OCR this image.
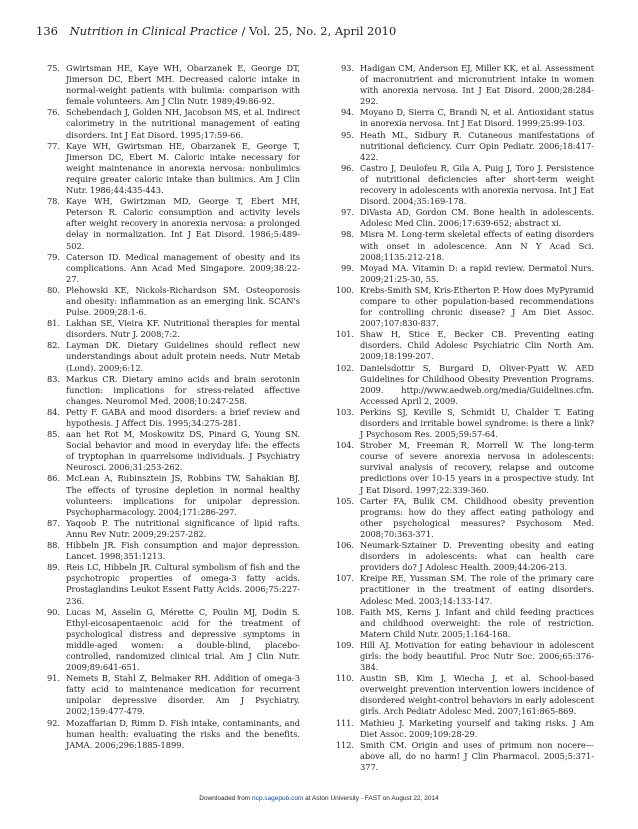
136 Nutrition in Clinical Practice / Vol. 25, No. 2, April 2010

75. Gwirtsman HE, Kaye WH, Obarzanek E, George DT, Jimerson DC, Ebert MH. Decreased caloric intake in normal-weight patients with bulimia: comparison with female volunteers. Am J Clin Nutr. 1989;49:86-92.

76. Schebendach J, Golden NH, Jacobson MS, et al. Indirect calorimetry in the nutritional management of eating disorders. Int J Eat Disord. 1995;17:59-66.

77. Kaye WH, Gwirtsman HE, Obarzanek E, George T, Jimerson DC, Ebert M. Caloric intake necessary for weight maintenance in anorexia nervosa: nonbulimics require greater caloric intake than bulimics. Am J Clin Nutr. 1986;44:435-443.

78. Kaye WH, Gwirtzman MD, George T, Ebert MH, Peterson R. Caloric consumption and activity levels after weight recovery in anorexia nervosa: a prolonged delay in normalization. Int J Eat Disord. 1986;5:489-502.

79. Caterson ID. Medical management of obesity and its complications. Ann Acad Med Singapore. 2009;38:22-27.

80. Plehowski KE, Nickols-Richardson SM. Osteoporosis and obesity: inflammation as an emerging link. SCAN's Pulse. 2009;28:1-6.

81. Lakhan SE, Vieira KF. Nutritional therapies for mental disorders. Nutr J. 2008;7:2.

82. Layman DK. Dietary Guidelines should reflect new understandings about adult protein needs. Nutr Metab (Lond). 2009;6:12.

83. Markus CR. Dietary amino acids and brain serotonin function: implications for stress-related affective changes. Neuromol Med. 2008;10:247-258.

84. Petty F. GABA and mood disorders: a brief review and hypothesis. J Affect Dis. 1995;34:275-281.

85. aan het Rot M, Moskowitz DS, Pinard G, Young SN. Social behavior and mood in everyday life: the effects of tryptophan in quarrelsome individuals. J Psychiatry Neurosci. 2006;31:253-262.

86. McLean A, Rubinsztein JS, Robbins TW, Sahakian BJ. The effects of tyrosine depletion in normal healthy volunteers: implications for unipolar depression. Psychopharmacology. 2004;171:286-297.

87. Yaqoob P. The nutritional significance of lipid rafts. Annu Rev Nutr. 2009;29:257-282.

88. Hibbeln JR. Fish consumption and major depression. Lancet. 1998;351:1213.

89. Reis LC, Hibbeln JR. Cultural symbolism of fish and the psychotropic properties of omega-3 fatty acids. Prostaglandins Leukot Essent Fatty Acids. 2006;75:227-236.

90. Lucas M, Asselin G, Mérette C, Poulin MJ, Dodin S. Ethyl-eicosapentaenoic acid for the treatment of psychological distress and depressive symptoms in middle-aged women: a double-blind, placebo-controlled, randomized clinical trial. Am J Clin Nutr. 2009;89:641-651.

91. Nemets B, Stahl Z, Belmaker RH. Addition of omega-3 fatty acid to maintenance medication for recurrent unipolar depressive disorder. Am J Psychiatry. 2002;159:477-479.

92. Mozaffarian D, Rimm D. Fish intake, contaminants, and human health: evaluating the risks and the benefits. JAMA. 2006;296:1885-1899.

93. Hadigan CM, Anderson EJ, Miller KK, et al. Assessment of macronutrient and micronutrient intake in women with anorexia nervosa. Int J Eat Disord. 2000;28:284-292.

94. Moyano D, Sierra C, Brandi N, et al. Antioxidant status in anorexia nervosa. Int J Eat Disord. 1999;25:99-103.

95. Heath ML, Sidbury R. Cutaneous manifestations of nutritional deficiency. Curr Opin Pediatr. 2006;18:417-422.

96. Castro J, Deulofeu R, Gila A, Puig J, Toro J. Persistence of nutritional deficiencies after short-term weight recovery in adolescents with anorexia nervosa. Int J Eat Disord. 2004;35:169-178.

97. DiVasta AD, Gordon CM. Bone health in adolescents. Adolesc Med Clin. 2006;17:639-652; abstract xi.

98. Misra M. Long-term skeletal effects of eating disorders with onset in adolescence. Ann N Y Acad Sci. 2008;1135:212-218.

99. Moyad MA. Vitamin D: a rapid review. Dermatol Nurs. 2009;21:25-30, 55.

100. Krebs-Smith SM, Kris-Etherton P. How does MyPyramid compare to other population-based recommendations for controlling chronic disease? J Am Diet Assoc. 2007;107:830-837.

101. Shaw H, Stice E, Becker CB. Preventing eating disorders. Child Adolesc Psychiatric Clin North Am. 2009;18:199-207.

102. Danielsdottir S, Burgard D, Oliver-Pyatt W. AED Guidelines for Childhood Obesity Prevention Programs. 2009. http://www.aedweb.org/media/Guidelines.cfm. Accessed April 2, 2009.

103. Perkins SJ, Keville S, Schmidt U, Chalder T. Eating disorders and irritable bowel syndrome: is there a link? J Psychosom Res. 2005;59:57-64.

104. Strober M, Freeman R, Morrell W. The long-term course of severe anorexia nervosa in adolescents: survival analysis of recovery, relapse and outcome predictions over 10-15 years in a prospective study. Int J Eat Disord. 1997;22:339-360.

105. Carter FA, Bulik CM. Childhood obesity prevention programs: how do they affect eating pathology and other psychological measures? Psychosom Med. 2008;70:363-371.

106. Neumark-Sztainer D. Preventing obesity and eating disorders in adolescents: what can health care providers do? J Adolesc Health. 2009;44:206-213.

107. Kreipe RE, Yussman SM. The role of the primary care practitioner in the treatment of eating disorders. Adolesc Med. 2003;14:133-147.

108. Faith MS, Kerns J. Infant and child feeding practices and childhood overweight: the role of restriction. Matern Child Nutr. 2005;1:164-168.

109. Hill AJ. Motivation for eating behaviour in adolescent girls: the body beautiful. Proc Nutr Soc. 2006;65:376-384.

110. Austin SB, Kim J, Wiecha J, et al. School-based overweight prevention intervention lowers incidence of disordered weight-control behaviors in early adolescent girls. Arch Pediatr Adolesc Med. 2007;161:865-869.

111. Mathieu J. Marketing yourself and taking risks. J Am Diet Assoc. 2009;109:28-29.

112. Smith CM. Origin and uses of primum non nocere—above all, do no harm! J Clin Pharmacol. 2005;5:371-377.

Downloaded from ncp.sagepub.com at Aston University - FAST on August 22, 2014
